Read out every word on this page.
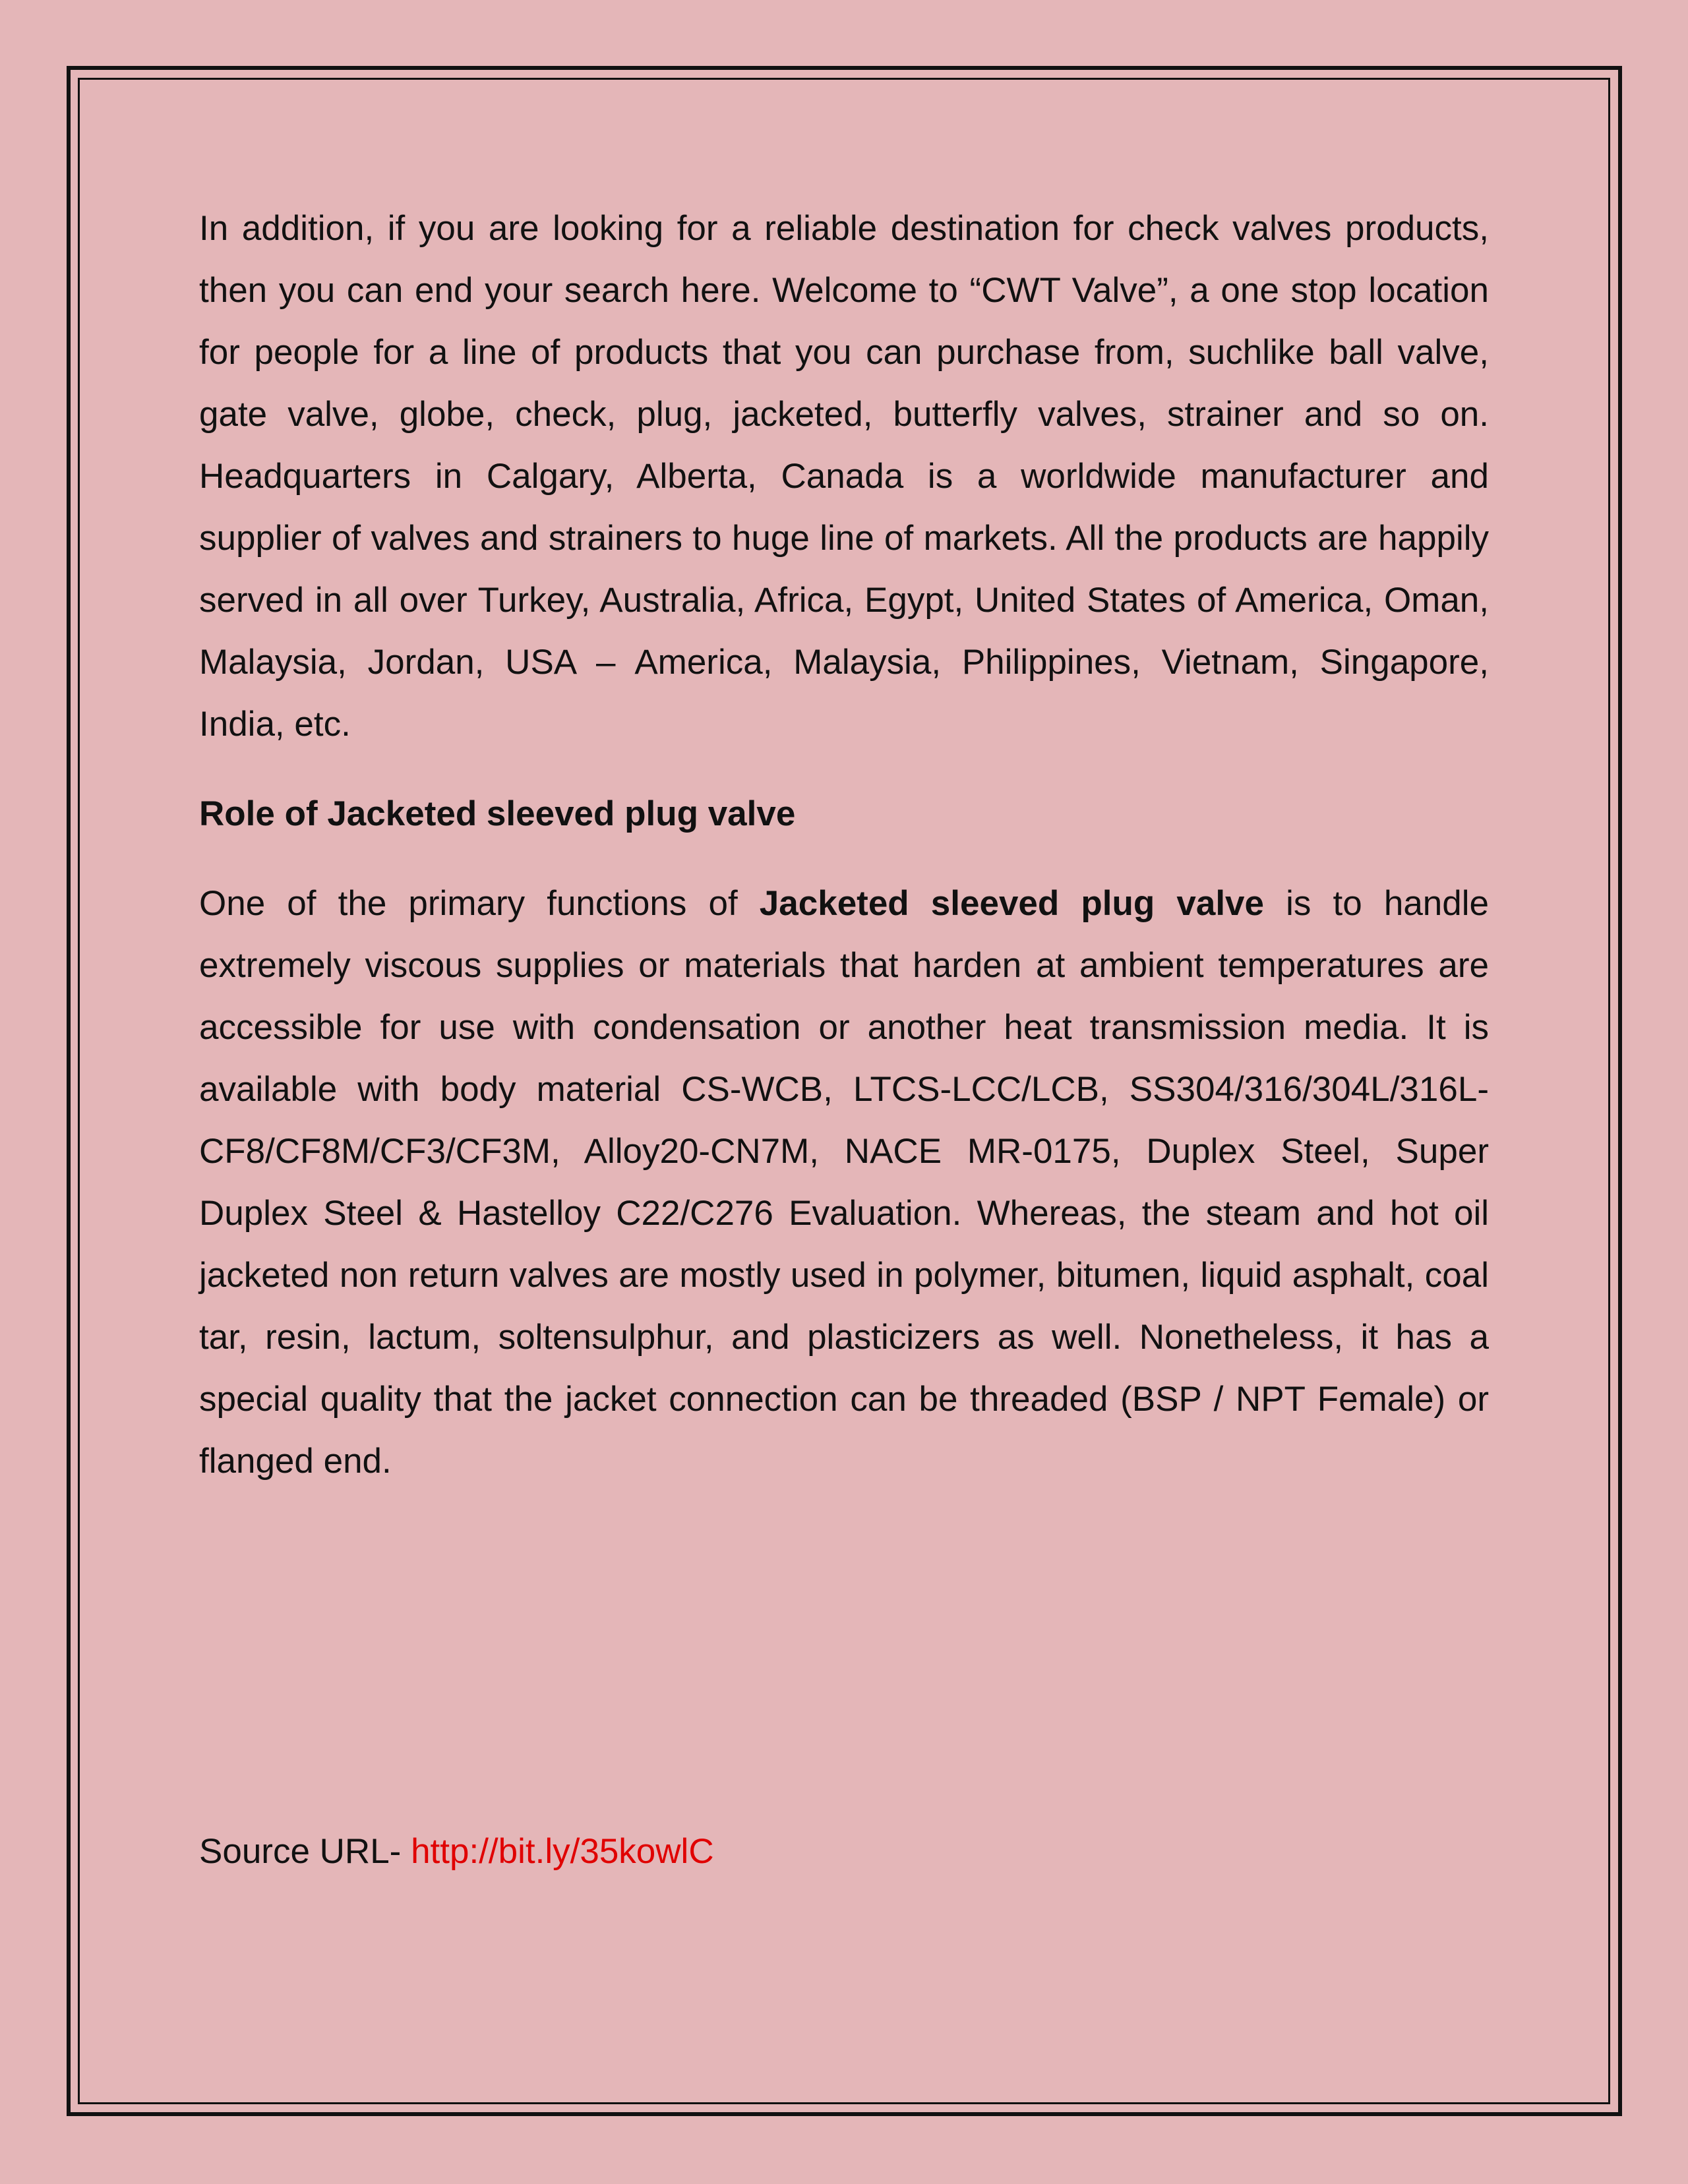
In addition, if you are looking for a reliable destination for check valves products, then you can end your search here. Welcome to “CWT Valve”, a one stop location for people for a line of products that you can purchase from, suchlike ball valve, gate valve, globe, check, plug, jacketed, butterfly valves, strainer and so on. Headquarters in Calgary, Alberta, Canada is a worldwide manufacturer and supplier of valves and strainers to huge line of markets. All the products are happily served in all over Turkey, Australia, Africa, Egypt, United States of America, Oman, Malaysia, Jordan, USA – America, Malaysia, Philippines, Vietnam, Singapore, India, etc.

Role of Jacketed sleeved plug valve

One of the primary functions of Jacketed sleeved plug valve is to handle extremely viscous supplies or materials that harden at ambient temperatures are accessible for use with condensation or another heat transmission media. It is available with body material CS-WCB, LTCS-LCC/LCB, SS304/316/304L/316L-CF8/CF8M/CF3/CF3M, Alloy20-CN7M, NACE MR-0175, Duplex Steel, Super Duplex Steel & Hastelloy C22/C276 Evaluation. Whereas, the steam and hot oil jacketed non return valves are mostly used in polymer, bitumen, liquid asphalt, coal tar, resin, lactum, soltensulphur, and plasticizers as well. Nonetheless, it has a special quality that the jacket connection can be threaded (BSP / NPT Female) or flanged end.

Source URL- http://bit.ly/35kowlC
